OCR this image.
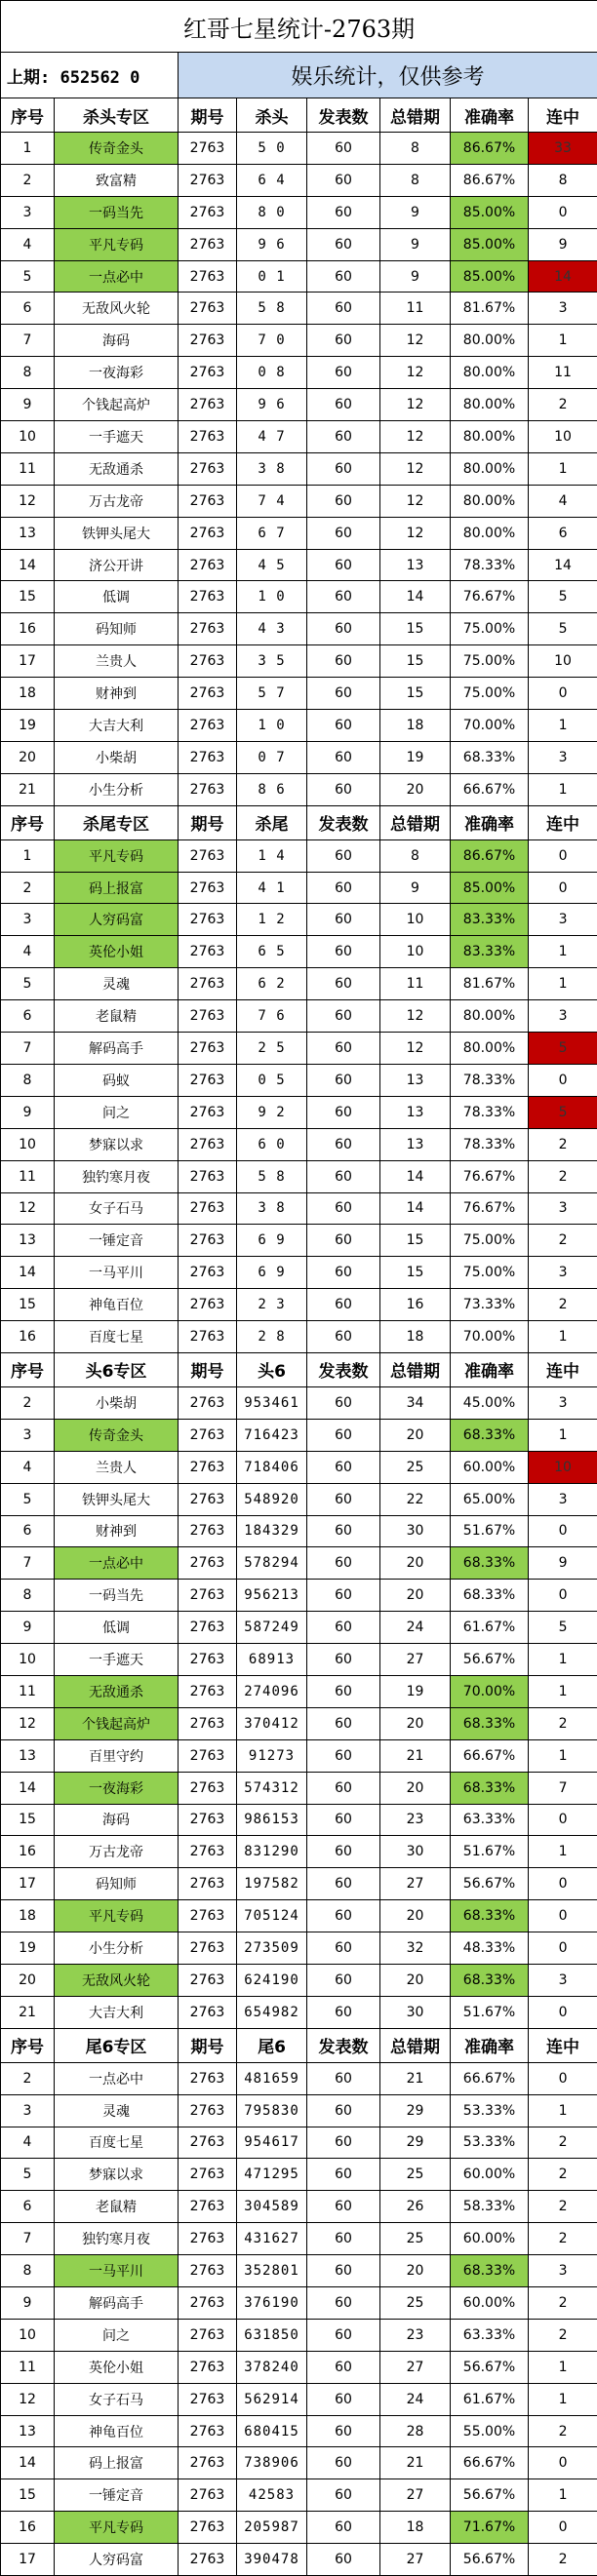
红哥七星统计-2763期							
上期: 652562 0		娱乐统计，仅供参考					
序号	杀头专区	期号	杀头	发表数	总错期	准确率	连中
1	传奇金头	2763	5 0	60	8	86.67%	33
2	致富精	2763	6 4	60	8	86.67%	8
3	一码当先	2763	8 0	60	9	85.00%	0
4	平凡专码	2763	9 6	60	9	85.00%	9
5	一点必中	2763	0 1	60	9	85.00%	14
6	无敌风火轮	2763	5 8	60	11	81.67%	3
7	海码	2763	7 0	60	12	80.00%	1
8	一夜海彩	2763	0 8	60	12	80.00%	11
9	个钱起高炉	2763	9 6	60	12	80.00%	2
10	一手遮天	2763	4 7	60	12	80.00%	10
11	无敌通杀	2763	3 8	60	12	80.00%	1
12	万古龙帝	2763	7 4	60	12	80.00%	4
13	铁钾头尾大	2763	6 7	60	12	80.00%	6
14	济公开讲	2763	4 5	60	13	78.33%	14
15	低调	2763	1 0	60	14	76.67%	5
16	码知师	2763	4 3	60	15	75.00%	5
17	兰贵人	2763	3 5	60	15	75.00%	10
18	财神到	2763	5 7	60	15	75.00%	0
19	大吉大利	2763	1 0	60	18	70.00%	1
20	小柴胡	2763	0 7	60	19	68.33%	3
21	小生分析	2763	8 6	60	20	66.67%	1
序号	杀尾专区	期号	杀尾	发表数	总错期	准确率	连中
1	平凡专码	2763	1 4	60	8	86.67%	0
2	码上报富	2763	4 1	60	9	85.00%	0
3	人穷码富	2763	1 2	60	10	83.33%	3
4	英伦小姐	2763	6 5	60	10	83.33%	1
5	灵魂	2763	6 2	60	11	81.67%	1
6	老鼠精	2763	7 6	60	12	80.00%	3
7	解码高手	2763	2 5	60	12	80.00%	5
8	码蚁	2763	0 5	60	13	78.33%	0
9	问之	2763	9 2	60	13	78.33%	5
10	梦寐以求	2763	6 0	60	13	78.33%	2
11	独钓寒月夜	2763	5 8	60	14	76.67%	2
12	女子石马	2763	3 8	60	14	76.67%	3
13	一锤定音	2763	6 9	60	15	75.00%	2
14	一马平川	2763	6 9	60	15	75.00%	3
15	神龟百位	2763	2 3	60	16	73.33%	2
16	百度七星	2763	2 8	60	18	70.00%	1
序号	头6专区	期号	头6	发表数	总错期	准确率	连中
2	小柴胡	2763	953461	60	34	45.00%	3
3	传奇金头	2763	716423	60	20	68.33%	1
4	兰贵人	2763	718406	60	25	60.00%	10
5	铁钾头尾大	2763	548920	60	22	65.00%	3
6	财神到	2763	184329	60	30	51.67%	0
7	一点必中	2763	578294	60	20	68.33%	9
8	一码当先	2763	956213	60	20	68.33%	0
9	低调	2763	587249	60	24	61.67%	5
10	一手遮天	2763	68913	60	27	56.67%	1
11	无敌通杀	2763	274096	60	19	70.00%	1
12	个钱起高炉	2763	370412	60	20	68.33%	2
13	百里守约	2763	91273	60	21	66.67%	1
14	一夜海彩	2763	574312	60	20	68.33%	7
15	海码	2763	986153	60	23	63.33%	0
16	万古龙帝	2763	831290	60	30	51.67%	1
17	码知师	2763	197582	60	27	56.67%	0
18	平凡专码	2763	705124	60	20	68.33%	0
19	小生分析	2763	273509	60	32	48.33%	0
20	无敌风火轮	2763	624190	60	20	68.33%	3
21	大吉大利	2763	654982	60	30	51.67%	0
序号	尾6专区	期号	尾6	发表数	总错期	准确率	连中
2	一点必中	2763	481659	60	21	66.67%	0
3	灵魂	2763	795830	60	29	53.33%	1
4	百度七星	2763	954617	60	29	53.33%	2
5	梦寐以求	2763	471295	60	25	60.00%	2
6	老鼠精	2763	304589	60	26	58.33%	2
7	独钓寒月夜	2763	431627	60	25	60.00%	2
8	一马平川	2763	352801	60	20	68.33%	3
9	解码高手	2763	376190	60	25	60.00%	2
10	问之	2763	631850	60	23	63.33%	2
11	英伦小姐	2763	378240	60	27	56.67%	1
12	女子石马	2763	562914	60	24	61.67%	1
13	神龟百位	2763	680415	60	28	55.00%	2
14	码上报富	2763	738906	60	21	66.67%	0
15	一锤定音	2763	42583	60	27	56.67%	1
16	平凡专码	2763	205987	60	18	71.67%	0
17	人穷码富	2763	390478	60	27	56.67%	2
